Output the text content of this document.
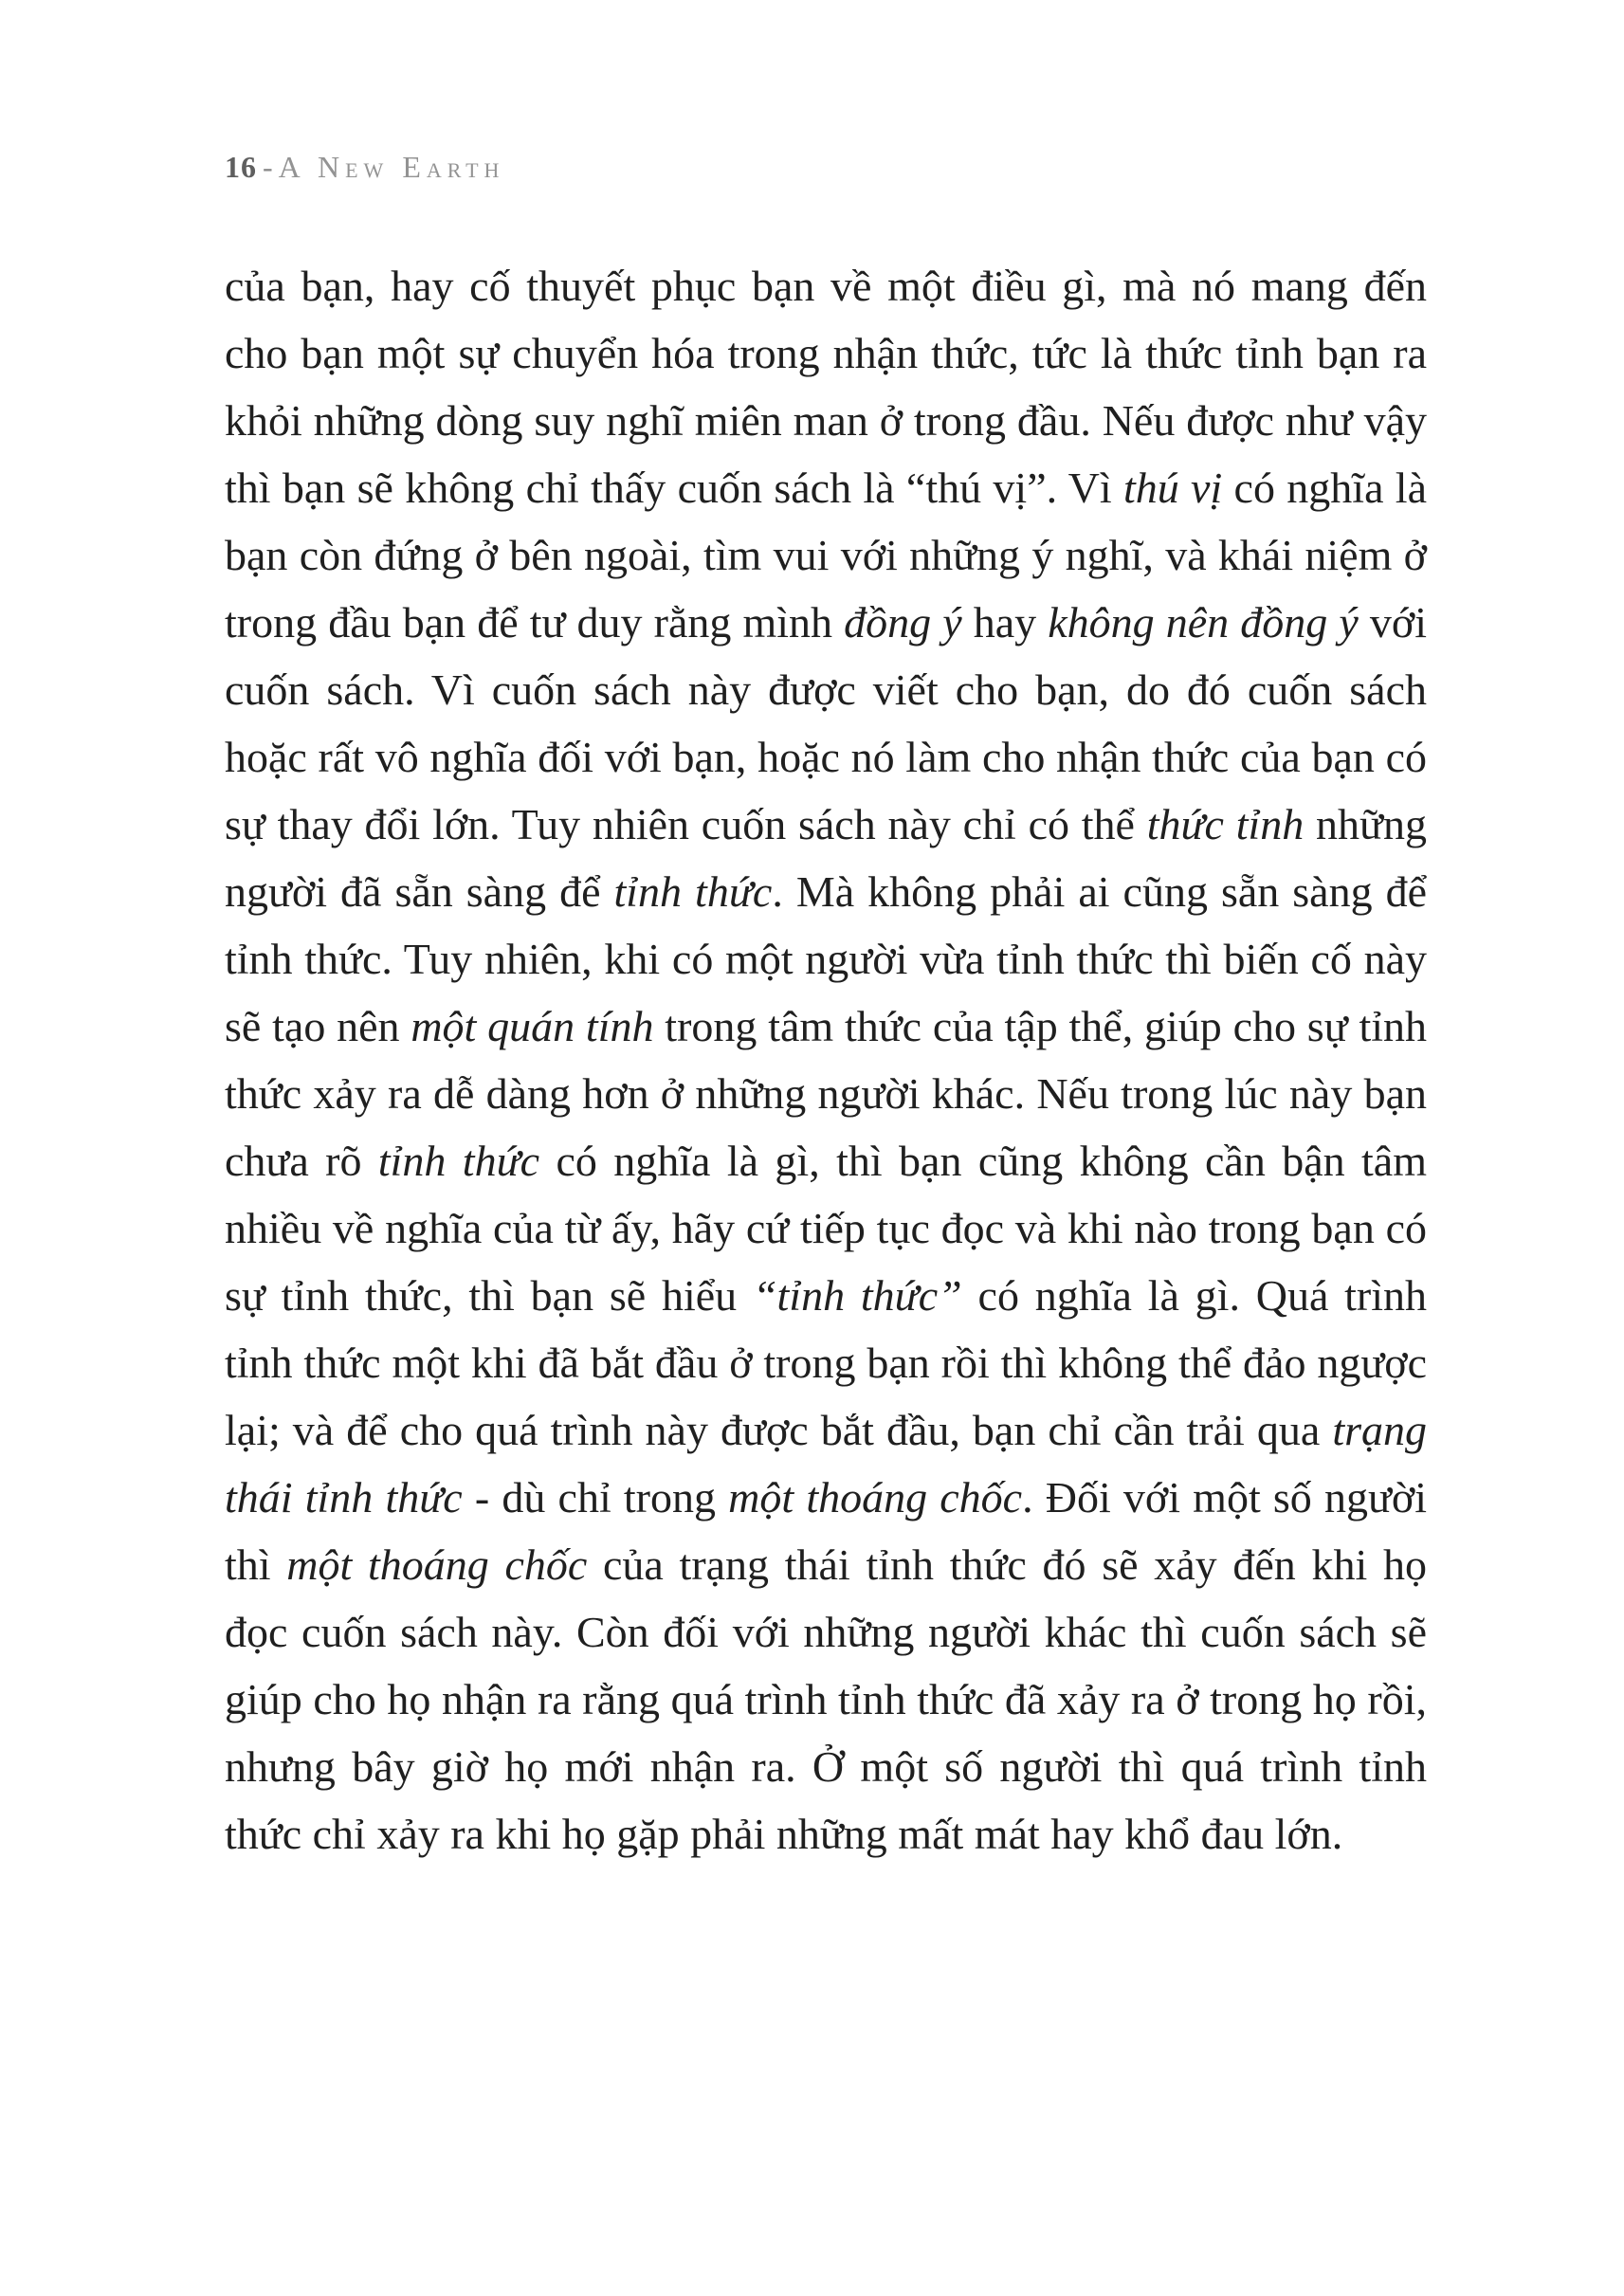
16 - A New Earth

của bạn, hay cố thuyết phục bạn về một điều gì, mà nó mang đến cho bạn một sự chuyển hóa trong nhận thức, tức là thức tỉnh bạn ra khỏi những dòng suy nghĩ miên man ở trong đầu. Nếu được như vậy thì bạn sẽ không chỉ thấy cuốn sách là “thú vị”. Vì thú vị có nghĩa là bạn còn đứng ở bên ngoài, tìm vui với những ý nghĩ, và khái niệm ở trong đầu bạn để tư duy rằng mình đồng ý hay không nên đồng ý với cuốn sách. Vì cuốn sách này được viết cho bạn, do đó cuốn sách hoặc rất vô nghĩa đối với bạn, hoặc nó làm cho nhận thức của bạn có sự thay đổi lớn. Tuy nhiên cuốn sách này chỉ có thể thức tỉnh những người đã sẵn sàng để tỉnh thức. Mà không phải ai cũng sẵn sàng để tỉnh thức. Tuy nhiên, khi có một người vừa tỉnh thức thì biến cố này sẽ tạo nên một quán tính trong tâm thức của tập thể, giúp cho sự tỉnh thức xảy ra dễ dàng hơn ở những người khác. Nếu trong lúc này bạn chưa rõ tỉnh thức có nghĩa là gì, thì bạn cũng không cần bận tâm nhiều về nghĩa của từ ấy, hãy cứ tiếp tục đọc và khi nào trong bạn có sự tỉnh thức, thì bạn sẽ hiểu “tỉnh thức” có nghĩa là gì. Quá trình tỉnh thức một khi đã bắt đầu ở trong bạn rồi thì không thể đảo ngược lại; và để cho quá trình này được bắt đầu, bạn chỉ cần trải qua trạng thái tỉnh thức - dù chỉ trong một thoáng chốc. Đối với một số người thì một thoáng chốc của trạng thái tỉnh thức đó sẽ xảy đến khi họ đọc cuốn sách này. Còn đối với những người khác thì cuốn sách sẽ giúp cho họ nhận ra rằng quá trình tỉnh thức đã xảy ra ở trong họ rồi, nhưng bây giờ họ mới nhận ra. Ở một số người thì quá trình tỉnh thức chỉ xảy ra khi họ gặp phải những mất mát hay khổ đau lớn.
